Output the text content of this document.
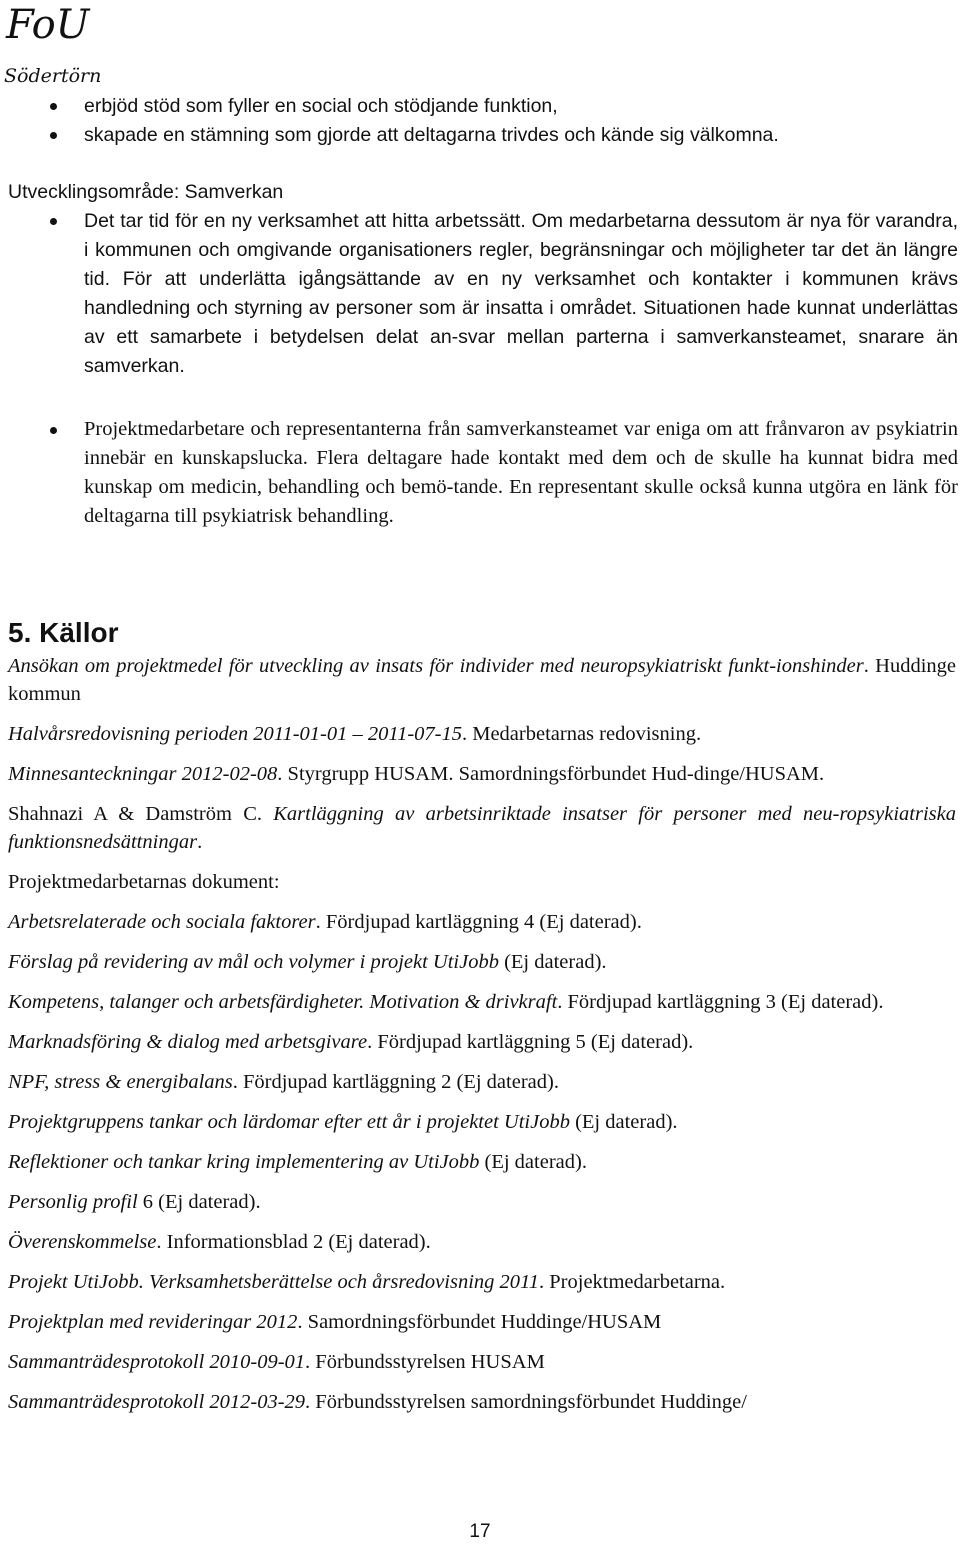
FoU
Södertörn
erbjöd stöd som fyller en social och stödjande funktion,
skapade en stämning som gjorde att deltagarna trivdes och kände sig välkomna.
Utvecklingsområde: Samverkan
Det tar tid för en ny verksamhet att hitta arbetssätt. Om medarbetarna dessutom är nya för varandra, i kommunen och omgivande organisationers regler, begränsningar och möjligheter tar det än längre tid. För att underlätta igångsättande av en ny verksamhet och kontakter i kommunen krävs handledning och styrning av personer som är insatta i området. Situationen hade kunnat underlättas av ett samarbete i betydelsen delat an-svar mellan parterna i samverkansteamet, snarare än samverkan.
Projektmedarbetare och representanterna från samverkansteamet var eniga om att frånvaron av psykiatrin innebär en kunskapslucka. Flera deltagare hade kontakt med dem och de skulle ha kunnat bidra med kunskap om medicin, behandling och bemö-tande. En representant skulle också kunna utgöra en länk för deltagarna till psykiatrisk behandling.
5. Källor

Ansökan om projektmedel för utveckling av insats för individer med neuropsykiatriskt funkt-ionshinder. Huddinge kommun

Halvårsredovisning perioden 2011-01-01 – 2011-07-15. Medarbetarnas redovisning.

Minnesanteckningar 2012-02-08. Styrgrupp HUSAM. Samordningsförbundet Hud-dinge/HUSAM.

Shahnazi A & Damström C. Kartläggning av arbetsinriktade insatser för personer med neu-ropsykiatriska funktionsnedsättningar.

Projektmedarbetarnas dokument:

Arbetsrelaterade och sociala faktorer. Fördjupad kartläggning 4 (Ej daterad).

Förslag på revidering av mål och volymer i projekt UtiJobb (Ej daterad).

Kompetens, talanger och arbetsfärdigheter. Motivation & drivkraft. Fördjupad kartläggning 3 (Ej daterad).

Marknadsföring & dialog med arbetsgivare. Fördjupad kartläggning 5 (Ej daterad).

NPF, stress & energibalans. Fördjupad kartläggning 2 (Ej daterad).

Projektgruppens tankar och lärdomar efter ett år i projektet UtiJobb (Ej daterad).

Reflektioner och tankar kring implementering av UtiJobb (Ej daterad).

Personlig profil 6 (Ej daterad).

Överenskommelse. Informationsblad 2 (Ej daterad).

Projekt UtiJobb. Verksamhetsberättelse och årsredovisning 2011. Projektmedarbetarna.

Projektplan med revideringar 2012. Samordningsförbundet Huddinge/HUSAM

Sammanträdesprotokoll 2010-09-01. Förbundsstyrelsen HUSAM

Sammanträdesprotokoll 2012-03-29. Förbundsstyrelsen samordningsförbundet Huddinge/

17
